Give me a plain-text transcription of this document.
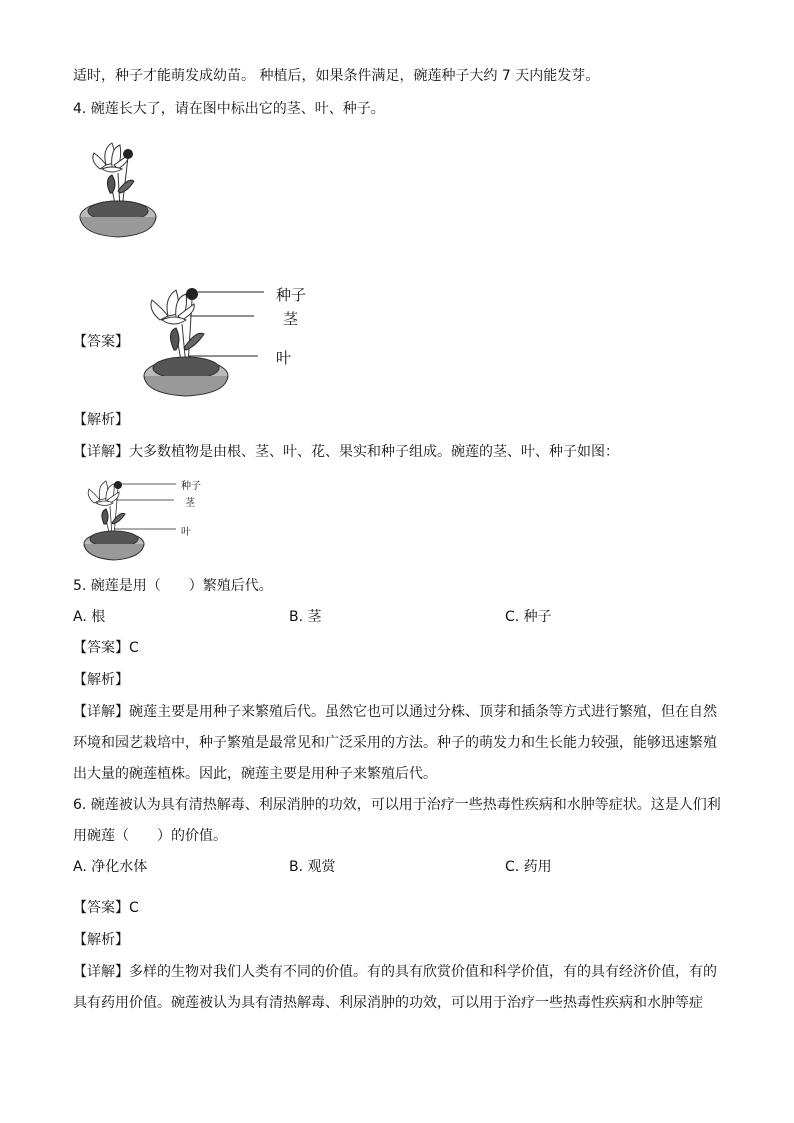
适时，种子才能萌发成幼苗。 种植后，如果条件满足，碗莲种子大约 7 天内能发芽。
4. 碗莲长大了，请在图中标出它的茎、叶、种子。
【答案】
种子
茎
叶
【解析】
【详解】大多数植物是由根、茎、叶、花、果实和种子组成。碗莲的茎、叶、种子如图：
种子
茎
叶
5. 碗莲是用（　　）繁殖后代。
A. 根	B. 茎	C. 种子
【答案】C
【解析】
【详解】碗莲主要是用种子来繁殖后代。虽然它也可以通过分株、顶芽和插条等方式进行繁殖，但在自然
环境和园艺栽培中，种子繁殖是最常见和广泛采用的方法。种子的萌发力和生长能力较强，能够迅速繁殖
出大量的碗莲植株。因此，碗莲主要是用种子来繁殖后代。
6. 碗莲被认为具有清热解毒、利尿消肿的功效，可以用于治疗一些热毒性疾病和水肿等症状。这是人们利
用碗莲（　　）的价值。
A. 净化水体	B. 观赏	C. 药用
【答案】C
【解析】
【详解】多样的生物对我们人类有不同的价值。有的具有欣赏价值和科学价值，有的具有经济价值，有的
具有药用价值。碗莲被认为具有清热解毒、利尿消肿的功效，可以用于治疗一些热毒性疾病和水肿等症
